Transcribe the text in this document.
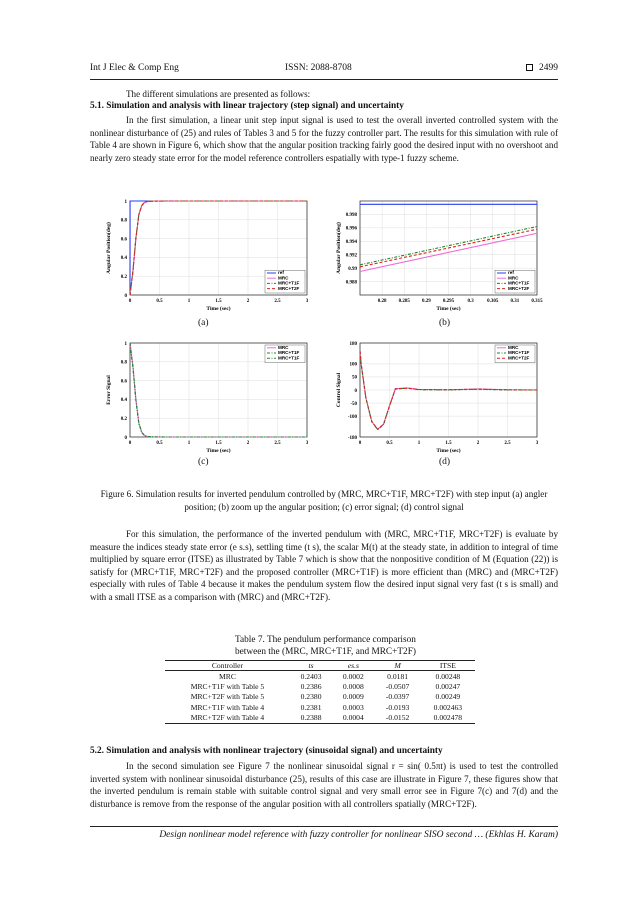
Int J Elec & Comp Eng	ISSN: 2088-8708	2499
The different simulations are presented as follows:
5.1. Simulation and analysis with linear trajectory (step signal) and uncertainty
In the first simulation, a linear unit step input signal is used to test the overall inverted controlled system with the nonlinear disturbance of (25) and rules of Tables 3 and 5 for the fuzzy controller part. The results for this simulation with rule of Table 4 are shown in Figure 6, which show that the angular position tracking fairly good the desired input with no overshoot and nearly zero steady state error for the model reference controllers espatially with type-1 fuzzy scheme.
0	0.5	1	1.5	2	2.5	3
0
0.2
0.4
0.6
0.8
1
Time (sec)
Angular Position(deg)	ref
MRC
MRC+T1F
MRC+T2F
0.28 0.285 0.29 0.295	0.3	0.305 0.31 0.315
0.988
0.99
0.992
0.994
0.996
0.998
Time (sec)
Angular Position(deg)	ref
MRC
MRC+T1F
MRC+T2F
0	0.5	1	1.5	2	2.5	3
0
0.2
0.4
0.6
0.8
1
Time (sec)
Error Signal
MRC
MRC+T1F
MRC+T1F
0	0.5	1	1.5	2	2.5	3
-180
-100
-50
0
50
100
180
Time (sec)
Control Signal
MRC
MRC+T1F
MRC+T2F
(a)	(b)
(c)	(d)
Figure 6. Simulation results for inverted pendulum controlled by (MRC, MRC+T1F, MRC+T2F) with step input (a) angler position; (b) zoom up the angular position; (c) error signal; (d) control signal
For this simulation, the performance of the inverted pendulum with (MRC, MRC+T1F, MRC+T2F) is evaluate by measure the indices steady state error (e s.s), settling time (t s), the scalar M(t) at the steady state, in addition to integral of time multiplied by square error (ITSE) as illustrated by Table 7 which is show that the nonpositive condition of M (Equation (22)) is satisfy for (MRC+T1F, MRC+T2F) and the proposed controller (MRC+T1F) is more efficient than (MRC) and (MRC+T2F) especially with rules of Table 4 because it makes the pendulum system flow the desired input signal very fast (t s is small) and with a small ITSE as a comparison with (MRC) and (MRC+T2F).
Table 7. The pendulum performance comparison
between the (MRC, MRC+T1F, and MRC+T2F)
Controller	ts	es.s	M	ITSE
MRC	0.2403	0.0002	0.0181	0.00248
MRC+T1F with Table 5	0.2386	0.0008	-0.0507	0.00247
MRC+T2F with Table 5	0.2380	0.0009	-0.0397	0.00249
MRC+T1F with Table 4	0.2381	0.0003	-0.0193	0.002463
MRC+T2F with Table 4	0.2388	0.0004	-0.0152	0.002478
5.2. Simulation and analysis with nonlinear trajectory (sinusoidal signal) and uncertainty
In the second simulation see Figure 7 the nonlinear sinusoidal signal r = sin( 0.5πt) is used to test the controlled inverted system with nonlinear sinusoidal disturbance (25), results of this case are illustrate in Figure 7, these figures show that the inverted pendulum is remain stable with suitable control signal and very small error see in Figure 7(c) and 7(d) and the disturbance is remove from the response of the angular position with all controllers spatially (MRC+T2F).
Design nonlinear model reference with fuzzy controller for nonlinear SISO second … (Ekhlas H. Karam)
